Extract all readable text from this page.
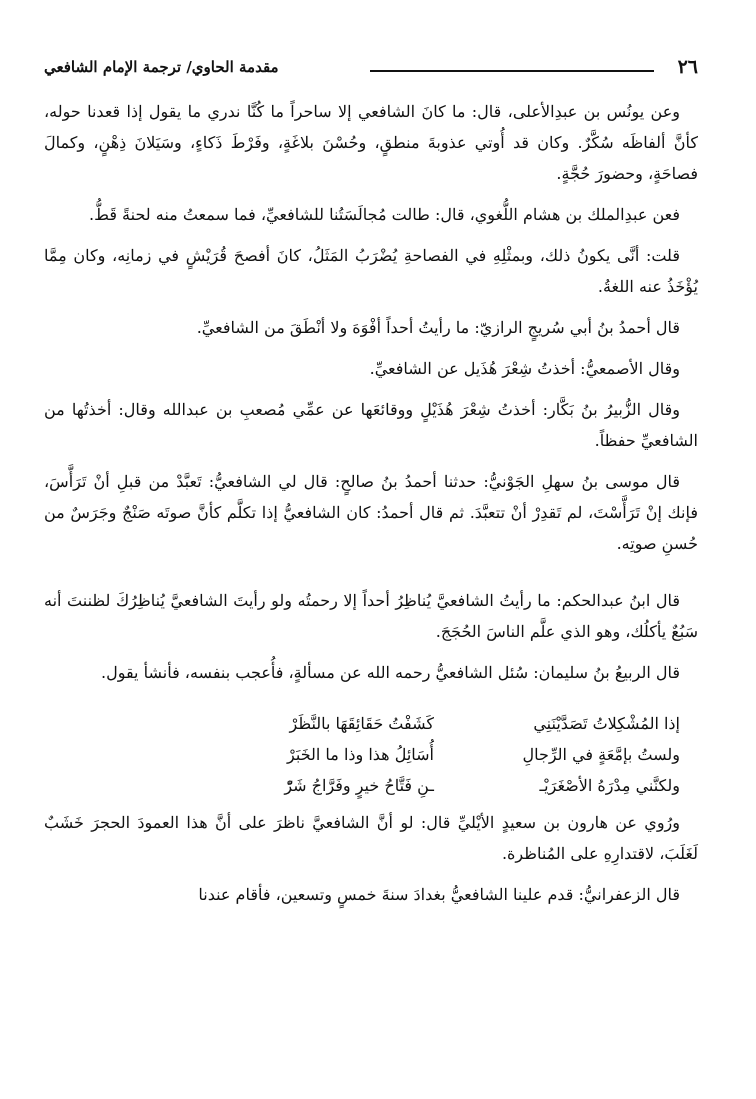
٢٦
مقدمة الحاوي/ ترجمة الإمام الشافعي

وعن يونُس بن عبدِالأعلى، قال: ما كانَ الشافعي إلا ساحراً ما كُنَّا ندري ما يقول إذا قعدنا حوله، كأنَّ ألفاظَه سُكَّرٌ. وكان قد أُوتي عذوبةَ منطقٍ، وحُسْنَ بلاغَةٍ، وفَرْطَ ذَكاءٍ، وسَيَلانَ ذِهْنٍ، وكمالَ فصاحَةٍ، وحضورَ حُجَّةٍ.

فعن عبدِالملك بن هشام اللُّغوي، قال: طالت مُجالَسَتُنا للشافعيِّ، فما سمعتُ منه لحنةً قَطُّ.

قلت: أنَّى يكونُ ذلك، وبمثْلِهِ في الفصاحةِ يُضْرَبُ المَثَلُ، كانَ أفصحَ قُرَيْشٍ في زمانِه، وكان مِمَّا يُؤْخَذُ عنه اللغةُ.

قال أحمدُ بنُ أبي سُريجٍ الرازيّ: ما رأيتُ أحداً أفْوَهَ ولا أنْطَقَ من الشافعيِّ.

وقال الأصمعيُّ: أخذتُ شِعْرَ هُذَيل عن الشافعيِّ.

وقال الزُّبيرُ بنُ بَكَّار: أخذتُ شِعْرَ هُذَيْلٍ ووقائعَها عن عمِّي مُصعبِ بن عبدالله وقال: أخذتُها من الشافعيِّ حفظاً.

قال موسى بنُ سهلِ الجَوْنيُّ: حدثنا أحمدُ بنُ صالحٍ: قال لي الشافعيُّ: تَعبَّدْ من قبلِ أنْ تَرَأَّسَ، فإنك إنْ تَرَأَّسْتَ، لم تَقدِرْ أنْ تتعبَّدَ. ثم قال أحمدُ: كان الشافعيُّ إذا تكلَّم كأنَّ صوتَه صَنْجٌ وجَرَسٌ من حُسنِ صوتِه.

قال ابنُ عبدالحكم: ما رأيتُ الشافعيَّ يُناظِرُ أحداً إلا رحمتُه ولو رأيتَ الشافعيَّ يُناظِرُكَ لظننتَ أنه سَبُعٌ يأكلُك، وهو الذي علَّم الناسَ الحُجَجَ.

قال الربيعُ بنُ سليمان: سُئل الشافعيُّ رحمه الله عن مسألةٍ، فأُعجب بنفسه، فأنشأ يقول.

إذا المُشْكِلاتُ تَصَدَّيْنَنِي
كَشَفْتُ حَقَائِقَهَا بالنَّظَرْ
ولستُ بإمَّعَةٍ في الرِّجالِ
أُسَائِلُ هذا وذا ما الخَبَرْ
ولكنَّني مِدْرَهُ الأصْغَرَيْـ
ـنِ فَتَّاحُ خيرٍ وفَرَّاجُ شَرّْ

ورُوي عن هارون بن سعيدٍ الأيْليِّ قال: لو أنَّ الشافعيَّ ناظرَ على أنَّ هذا العمودَ الحجرَ خَشَبٌ لَغَلَبَ، لاقتدارِهِ على المُناظرة.

قال الزعفرانيُّ: قدم علينا الشافعيُّ بغدادَ سنةَ خمسٍ وتسعين، فأقام عندنا
